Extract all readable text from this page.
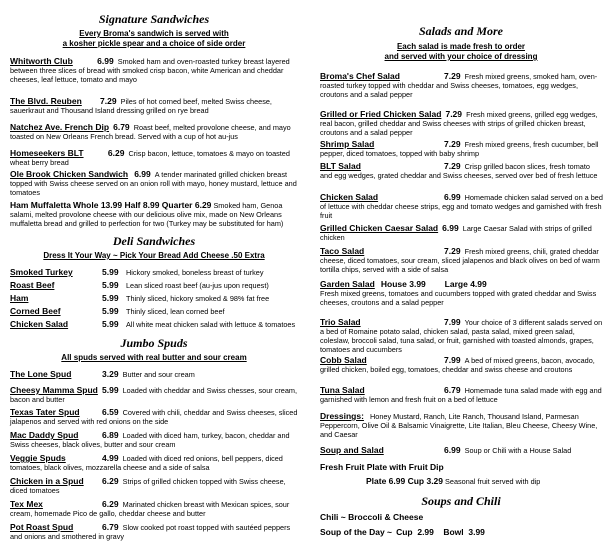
Signature Sandwiches
Every Broma's sandwich is served with
a kosher pickle spear and a choice of side order
Whitworth Club	6.99 Smoked ham and oven-roasted turkey breast layered between three slices of bread with smoked crisp bacon, white American and cheddar cheeses, leaf lettuce, tomato and mayo
The Blvd. Reuben 7.29 Piles of hot corned beef, melted Swiss cheese, sauerkraut and Thousand Island dressing grilled on rye bread
Natchez Ave. French Dip 6.79 Roast beef, melted provolone cheese, and mayo toasted on New Orleans French bread. Served with a cup of hot au-jus
Homeseekers BLT	6.29 Crisp bacon, lettuce, tomatoes & mayo on toasted wheat berry bread
Ole Brook Chicken Sandwich 6.99 A tender marinated grilled chicken breast topped with Swiss cheese served on an onion roll with mayo, honey mustard, lettuce and tomatoes
Ham Muffaletta Whole 13.99 Half 8.99 Quarter 6.29 Smoked ham, Genoa salami, melted provolone cheese with our delicious olive mix, made on New Orleans muffaletta bread and grilled to perfection for two (Turkey may be substituted for ham)
Deli Sandwiches
Dress It Your Way ~ Pick Your Bread Add Cheese .50 Extra
Smoked Turkey	5.99 Hickory smoked, boneless breast of turkey
Roast Beef	5.99 Lean sliced roast beef (au-jus upon request)
Ham	5.99 Thinly sliced, hickory smoked & 98% fat free
Corned Beef	5.99 Thinly sliced, lean corned beef
Chicken Salad	5.99 All white meat chicken salad with lettuce & tomatoes
Jumbo Spuds
All spuds served with real butter and sour cream
The Lone Spud	3.29 Butter and sour cream
Cheesy Mamma Spud 5.99 Loaded with cheddar and Swiss chesses, sour cream, bacon and butter
Texas Tater Spud	6.59 Covered with chili, cheddar and Swiss cheeses, sliced jalapenos and served with red onions on the side
Mac Daddy Spud	6.89 Loaded with diced ham, turkey, bacon, cheddar and Swiss cheeses, black olives, butter and sour cream
Veggie Spuds	4.99 Loaded with diced red onions, bell peppers, diced tomatoes, black olives, mozzarella cheese and a side of salsa
Chicken in a Spud 6.29 Strips of grilled chicken topped with Swiss cheese, diced tomatoes
Tex Mex	6.29 Marinated chicken breast with Mexican spices, sour cream, homemade Pico de gallo, cheddar cheese and butter
Pot Roast Spud	6.79 Slow cooked pot roast topped with sautéed peppers and onions and smothered in gravy
Salads and More
Each salad is made fresh to order
and served with your choice of dressing
Broma's Chef Salad	7.29 Fresh mixed greens, smoked ham, oven-roasted turkey topped with cheddar and Swiss cheeses, tomatoes, egg wedges, croutons and a salad pepper
Grilled or Fried Chicken Salad 7.29 Fresh mixed greens, grilled egg wedges, real bacon, grilled cheddar and Swiss cheeses with strips of grilled chicken breast, croutons and a salad pepper
Shrimp Salad	7.29 Fresh mixed greens, fresh cucumber, bell pepper, diced tomatoes, topped with baby shrimp
BLT Salad	7.29 Crisp grilled bacon slices, fresh tomato and egg wedges, grated cheddar and Swiss cheeses, served over bed of fresh lettuce
Chicken Salad	6.99 Homemade chicken salad served on a bed of lettuce with cheddar cheese strips, egg and tomato wedges and garnished with fresh fruit
Grilled Chicken Caesar Salad 6.99 Large Caesar Salad with strips of grilled chicken
Taco Salad	7.29 Fresh mixed greens, chili, grated cheddar cheese, diced tomatoes, sour cream, sliced jalapenos and black olives on bed of warm tortilla chips, served with a side of salsa
Garden Salad House 3.99        Large 4.99
Fresh mixed greens, tomatoes and cucumbers topped with grated cheddar and Swiss cheeses, croutons and a salad pepper
Trio Salad	7.99 Your choice of 3 different salads served on a bed of Romaine potato salad, chicken salad, pasta salad, mixed green salad, coleslaw, broccoli salad, tuna salad, or fruit, garnished with toasted almonds, grapes, tomatoes and cucumbers
Cobb Salad	7.99 A bed of mixed greens, bacon, avocado, grilled chicken, boiled egg, tomatoes, cheddar and swiss cheese and croutons
Tuna Salad	6.79 Homemade tuna salad made with egg and garnished with lemon and fresh fruit on a bed of lettuce
Dressings: Honey Mustard, Ranch, Lite Ranch, Thousand Island, Parmesan Peppercorn, Olive Oil & Balsamic Vinaigrette, Lite Italian, Bleu Cheese, Cheesy Wine, and Caesar
Soup and Salad	6.99 Soup or Chili with a House Salad
Fresh Fruit Plate with Fruit Dip
Plate 6.99 Cup 3.29 Seasonal fruit served with dip
Soups and Chili
Chili ~ Broccoli & Cheese
Soup of the Day ~ Cup  2.99    Bowl  3.99
